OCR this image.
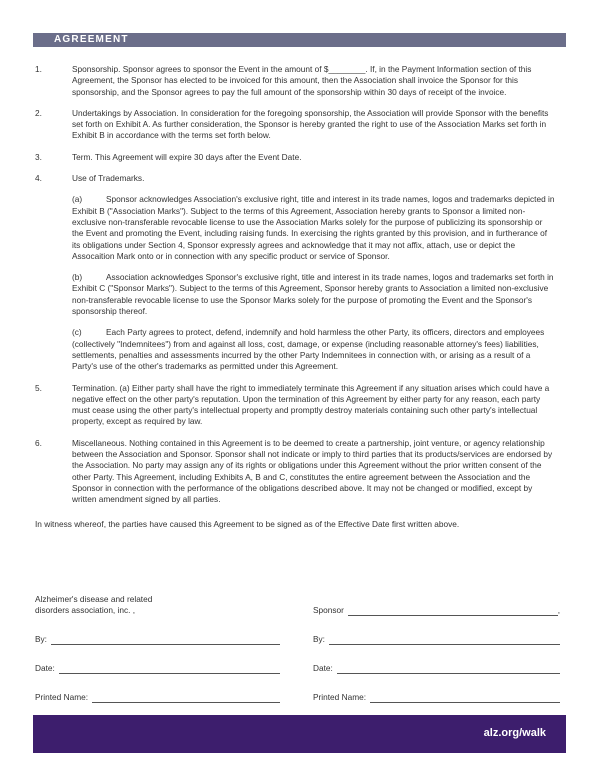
AGREEMENT
1.	Sponsorship. Sponsor agrees to sponsor the Event in the amount of $________. If, in the Payment Information section of this Agreement, the Sponsor has elected to be invoiced for this amount, then the Association shall invoice the Sponsor for this sponsorship, and the Sponsor agrees to pay the full amount of the sponsorship within 30 days of receipt of the invoice.

2.	Undertakings by Association. In consideration for the foregoing sponsorship, the Association will provide Sponsor with the benefits set forth on Exhibit A. As further consideration, the Sponsor is hereby granted the right to use of the Association Marks set forth in Exhibit B in accordance with the terms set forth below.

3.	Term. This Agreement will expire 30 days after the Event Date.

4.	Use of Trademarks.

(a)	Sponsor acknowledges Association's exclusive right, title and interest in its trade names, logos and trademarks depicted in Exhibit B ("Association Marks"). Subject to the terms of this Agreement, Association hereby grants to Sponsor a limited non-exclusive non-transferable revocable license to use the Association Marks solely for the purpose of publicizing its sponsorship or the Event and promoting the Event, including raising funds. In exercising the rights granted by this provision, and in furtherance of its obligations under Section 4, Sponsor expressly agrees and acknowledge that it may not affix, attach, use or depict the Assocaition Mark onto or in connection with any specific product or service of Sponsor.

(b)	Association acknowledges Sponsor's exclusive right, title and interest in its trade names, logos and trademarks set forth in Exhibit C ("Sponsor Marks"). Subject to the terms of this Agreement, Sponsor hereby grants to Association a limited non-exclusive non-transferable revocable license to use the Sponsor Marks solely for the purpose of promoting the Event and the Sponsor's sponsorship thereof.

(c)	Each Party agrees to protect, defend, indemnify and hold harmless the other Party, its officers, directors and employees (collectively "Indemnitees") from and against all loss, cost, damage, or expense (including reasonable attorney's fees) liabilities, settlements, penalties and assessments incurred by the other Party Indemnitees in connection with, or arising as a result of a Party's use of the other's trademarks as permitted under this Agreement.

5.	Termination. (a) Either party shall have the right to immediately terminate this Agreement if any situation arises which could have a negative effect on the other party's reputation. Upon the termination of this Agreement by either party for any reason, each party must cease using the other party's intellectual property and promptly destroy materials containing such other party's intellectual property, except as required by law.

6.	Miscellaneous. Nothing contained in this Agreement is to be deemed to create a partnership, joint venture, or agency relationship between the Association and Sponsor. Sponsor shall not indicate or imply to third parties that its products/services are endorsed by the Association. No party may assign any of its rights or obligations under this Agreement without the prior written consent of the other Party. This Agreement, including Exhibits A, B and C, constitutes the entire agreement between the Association and the Sponsor in connection with the performance of the obligations described above. It may not be changed or modified, except by written amendment signed by all parties.

In witness whereof, the parties have caused this Agreement to be signed as of the Effective Date first written above.

Alzheimer's disease and related disorders association, inc. ,	Sponsor	,
By:	By:
Date:	Date:
Printed Name:	Printed Name:
alz.org/walk
